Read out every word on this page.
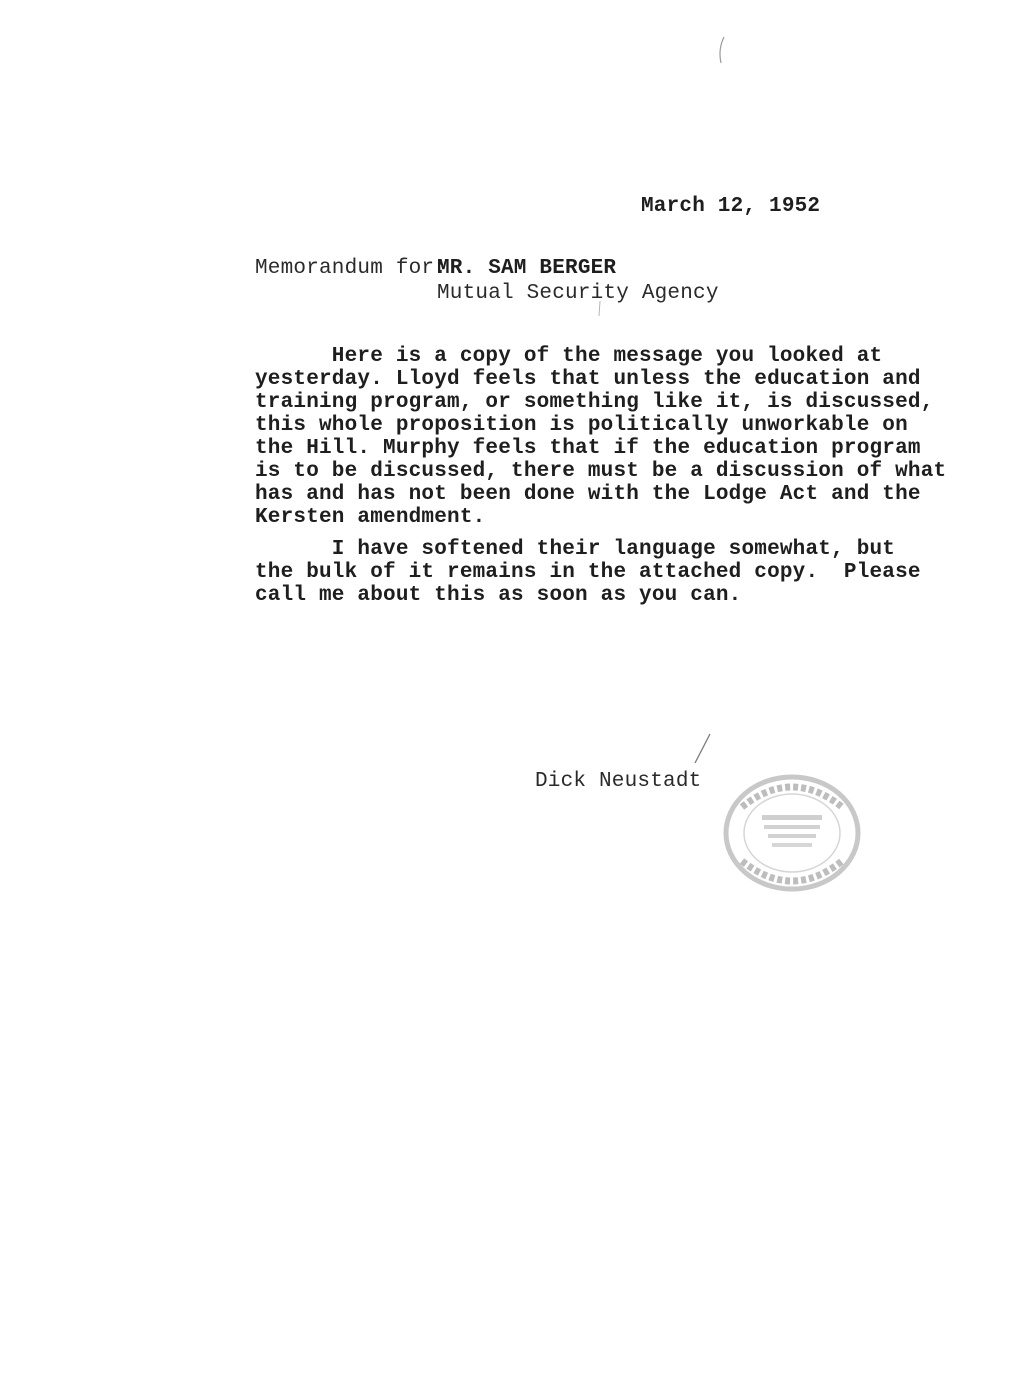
March 12, 1952

Memorandum for:

MR. SAM BERGER

Mutual Security Agency

Here is a copy of the message you looked at
yesterday. Lloyd feels that unless the education and
training program, or something like it, is discussed,
this whole proposition is politically unworkable on
the Hill. Murphy feels that if the education program
is to be discussed, there must be a discussion of what
has and has not been done with the Lodge Act and the
Kersten amendment.
I have softened their language somewhat, but
the bulk of it remains in the attached copy.  Please
call me about this as soon as you can.

Dick Neustadt
